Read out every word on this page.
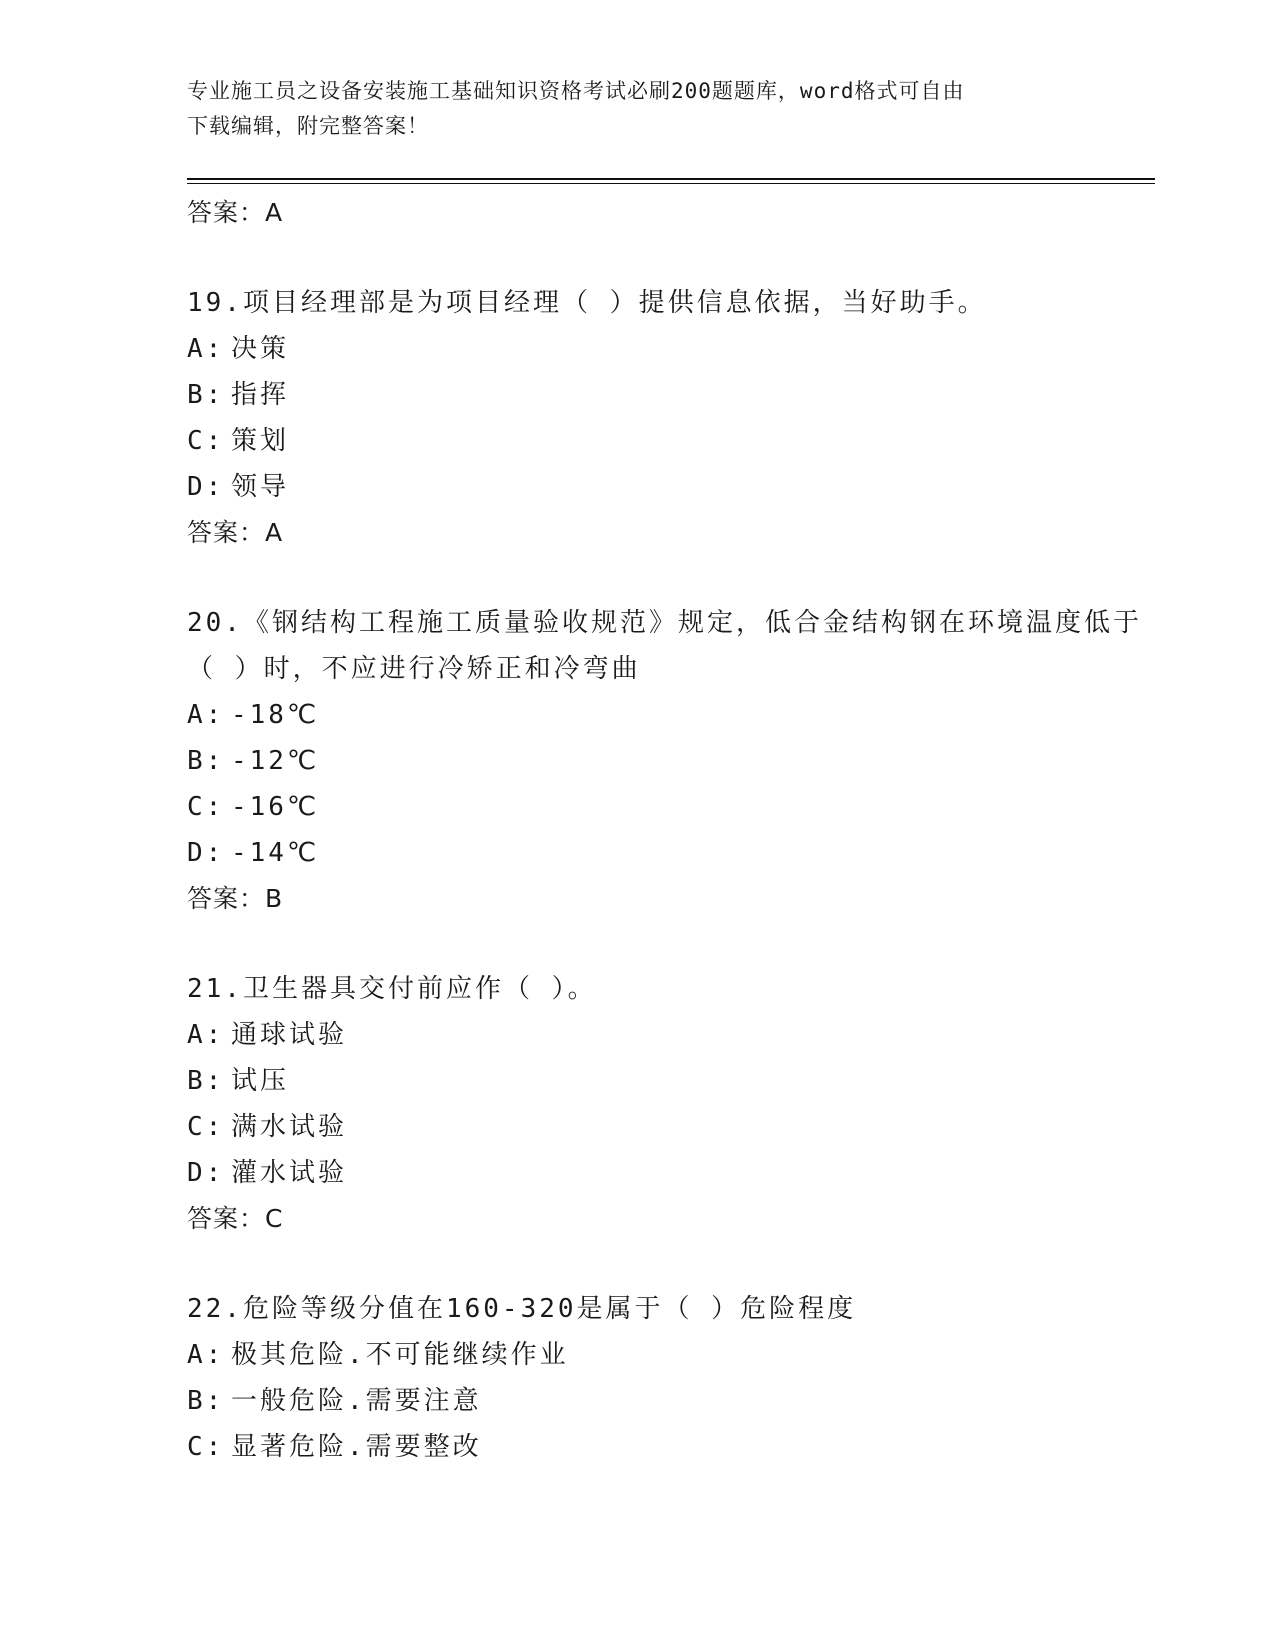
专业施工员之设备安装施工基础知识资格考试必刷200题题库，word格式可自由
下载编辑，附完整答案！
答案：A
19.项目经理部是为项目经理（ ）提供信息依据，当好助手。
A: 决策
B: 指挥
C: 策划
D: 领导
答案：A
20.《钢结构工程施工质量验收规范》规定，低合金结构钢在环境温度低于（ ）时，不应进行冷矫正和冷弯曲
A: -18℃
B: -12℃
C: -16℃
D: -14℃
答案：B
21.卫生器具交付前应作（ ）。
A: 通球试验
B: 试压
C: 满水试验
D: 灌水试验
答案：C
22.危险等级分值在160-320是属于（ ）危险程度
A: 极其危险.不可能继续作业
B: 一般危险.需要注意
C: 显著危险.需要整改
